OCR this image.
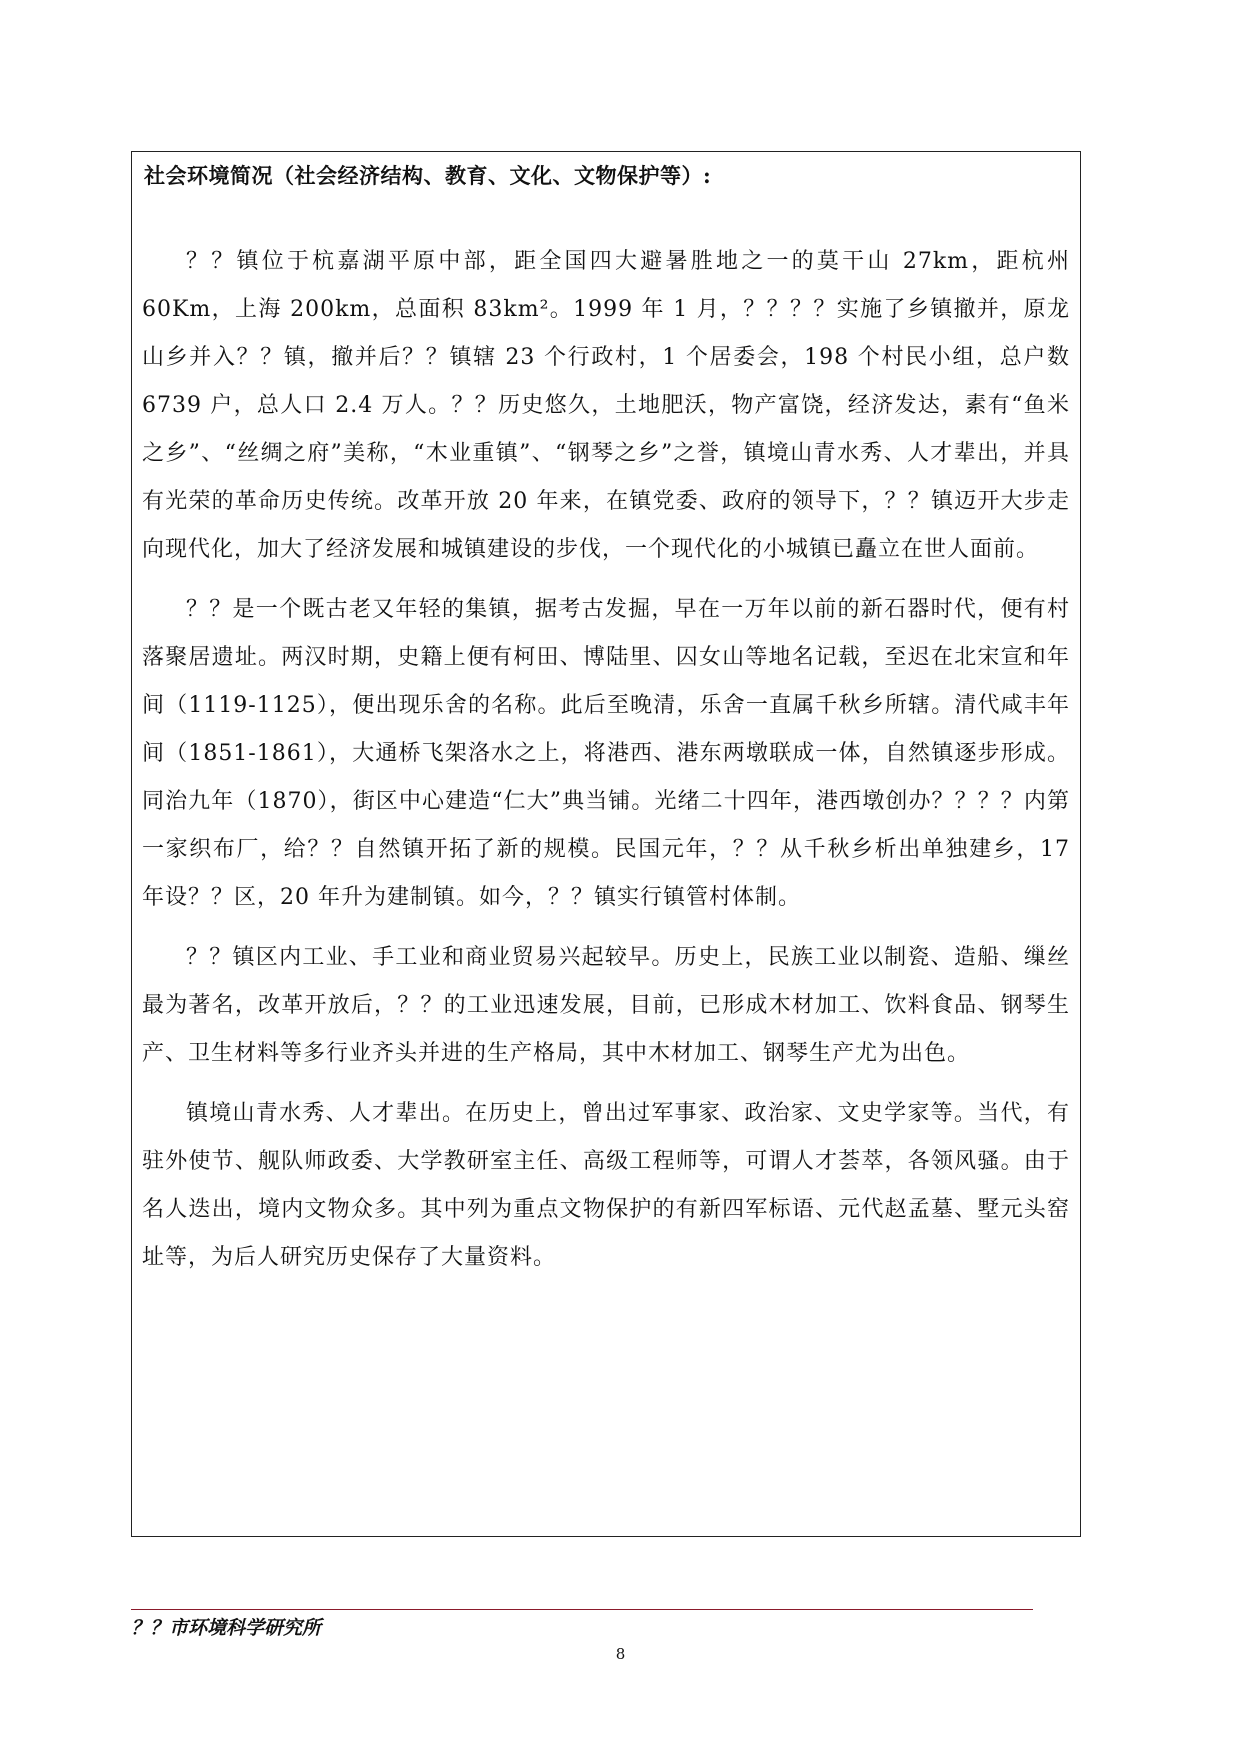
社会环境简况（社会经济结构、教育、文化、文物保护等）:

？？镇位于杭嘉湖平原中部，距全国四大避暑胜地之一的莫干山 27km，距杭州 60Km，上海 200km，总面积 83km²。1999 年 1 月，？？？？实施了乡镇撤并，原龙山乡并入？？镇，撤并后？？镇辖 23 个行政村，1 个居委会，198 个村民小组，总户数 6739 户，总人口 2.4 万人。？？历史悠久，土地肥沃，物产富饶，经济发达，素有“鱼米之乡”、“丝绸之府”美称，“木业重镇”、“钢琴之乡”之誉，镇境山青水秀、人才辈出，并具有光荣的革命历史传统。改革开放 20 年来，在镇党委、政府的领导下，？？镇迈开大步走向现代化，加大了经济发展和城镇建设的步伐，一个现代化的小城镇已矗立在世人面前。

？？是一个既古老又年轻的集镇，据考古发掘，早在一万年以前的新石器时代，便有村落聚居遗址。两汉时期，史籍上便有柯田、博陆里、囚女山等地名记载，至迟在北宋宣和年间（1119-1125），便出现乐舍的名称。此后至晚清，乐舍一直属千秋乡所辖。清代咸丰年间（1851-1861），大通桥飞架洛水之上，将港西、港东两墩联成一体，自然镇逐步形成。同治九年（1870），街区中心建造“仁大”典当铺。光绪二十四年，港西墩创办？？？？内第一家织布厂，给？？自然镇开拓了新的规模。民国元年，？？从千秋乡析出单独建乡，17 年设？？区，20 年升为建制镇。如今，？？镇实行镇管村体制。

？？镇区内工业、手工业和商业贸易兴起较早。历史上，民族工业以制瓷、造船、缫丝最为著名，改革开放后，？？的工业迅速发展，目前，已形成木材加工、饮料食品、钢琴生产、卫生材料等多行业齐头并进的生产格局，其中木材加工、钢琴生产尤为出色。

镇境山青水秀、人才辈出。在历史上，曾出过军事家、政治家、文史学家等。当代，有驻外使节、舰队师政委、大学教研室主任、高级工程师等，可谓人才荟萃，各领风骚。由于名人迭出，境内文物众多。其中列为重点文物保护的有新四军标语、元代赵孟墓、墅元头窑址等，为后人研究历史保存了大量资料。

？？市环境科学研究所
8
